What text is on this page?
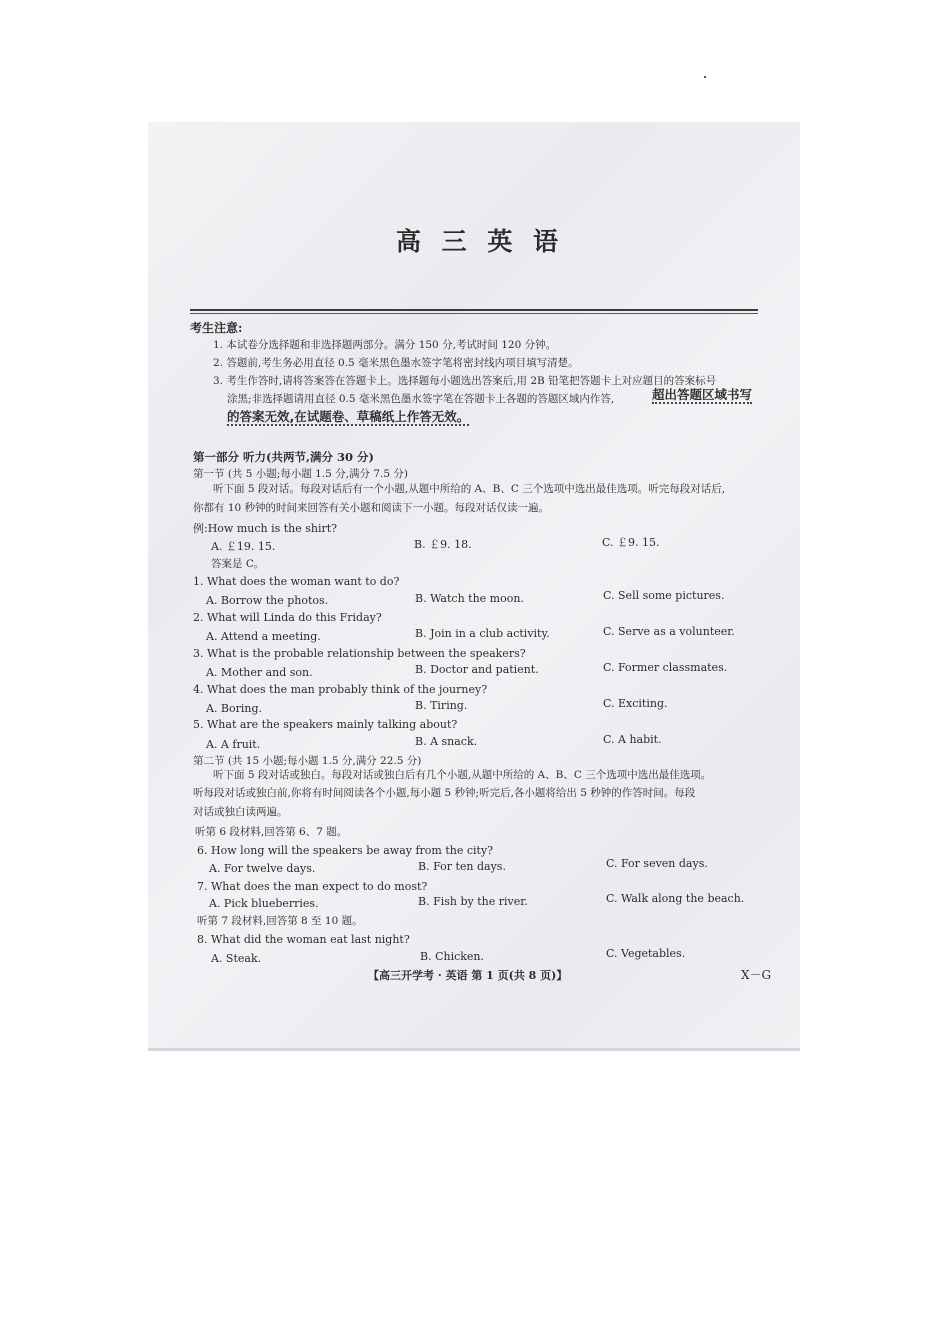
高 三 英 语
考生注意:
1. 本试卷分选择题和非选择题两部分。满分 150 分,考试时间 120 分钟。
2. 答题前,考生务必用直径 0.5 毫米黑色墨水签字笔将密封线内项目填写清楚。
3. 考生作答时,请将答案答在答题卡上。选择题每小题选出答案后,用 2B 铅笔把答题卡上对应题目的答案标号
涂黑;非选择题请用直径 0.5 毫米黑色墨水签字笔在答题卡上各题的答题区域内作答,	超出答题区域书写
的答案无效,在试题卷、草稿纸上作答无效。
第一部分 听力(共两节,满分 30 分)
第一节 (共 5 小题;每小题 1.5 分,满分 7.5 分)
听下面 5 段对话。每段对话后有一个小题,从题中所给的 A、B、C 三个选项中选出最佳选项。听完每段对话后,
你都有 10 秒钟的时间来回答有关小题和阅读下一小题。每段对话仅读一遍。
例:How much is the shirt?
A. ￡19. 15.	B. ￡9. 18.	C. ￡9. 15.
答案是 C。
1. What does the woman want to do?
A. Borrow the photos.	B. Watch the moon.	C. Sell some pictures.
2. What will Linda do this Friday?
A. Attend a meeting.	B. Join in a club activity.	C. Serve as a volunteer.
3. What is the probable relationship between the speakers?
A. Mother and son.	B. Doctor and patient.	C. Former classmates.
4. What does the man probably think of the journey?
A. Boring.	B. Tiring.	C. Exciting.
5. What are the speakers mainly talking about?
A. A fruit.	B. A snack.	C. A habit.
第二节 (共 15 小题;每小题 1.5 分,满分 22.5 分)
听下面 5 段对话或独白。每段对话或独白后有几个小题,从题中所给的 A、B、C 三个选项中选出最佳选项。
听每段对话或独白前,你将有时间阅读各个小题,每小题 5 秒钟;听完后,各小题将给出 5 秒钟的作答时间。每段
对话或独白读两遍。
听第 6 段材料,回答第 6、7 题。
6. How long will the speakers be away from the city?
A. For twelve days.	B. For ten days.	C. For seven days.
7. What does the man expect to do most?
A. Pick blueberries.	B. Fish by the river.	C. Walk along the beach.
听第 7 段材料,回答第 8 至 10 题。
8. What did the woman eat last night?
A. Steak.	B. Chicken.	C. Vegetables.
【高三开学考 · 英语 第 1 页(共 8 页)】	X－G
